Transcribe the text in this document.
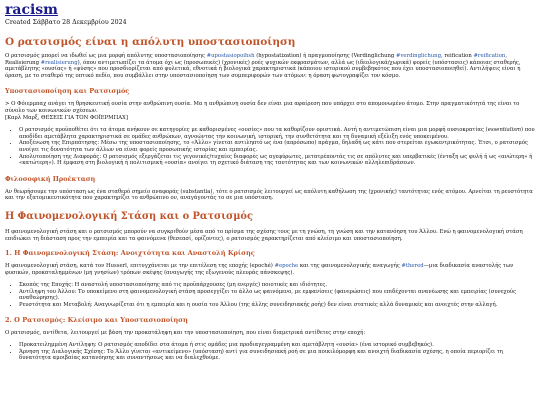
racism
Created Σάββατο 28 Δεκεμβρίου 2024
Ο ρατσισμός είναι η απόλυτη υποστασιοποίηση

Ο ρατσισμός μπορεί να ιδωθεί ως μια μορφή απόλυτης υποστασιοποίησης #upostasiopoihsh (hypostatization) ή πραγμοποίησης (Verdinglichung #verdinglichung, reification #reification, Realisierung #realisierung), όπου αντιμετωπίζει τα άτομα όχι ως (προσωπικές) (χρονικές) ροές ψυχικών εκφρασμάτων, αλλά ως (ιδεολογικά/χωρικά) φορείς (υπόστασεις) κάποιας σταθερής, αμετάβλητης «ουσίας» ή «φύσης» που προσδιορίζεται από φυλετικά, εθνοτικά ή βιολογικά χαρακτηριστικά (κάποιου ιστορικού συμβεβηκότος που έχει υποστασιοποιηθεί). Αντιλήψεις είναι η όραση, με το σταθερό της οπτικό πεδίο, που συμβάλλει στην υποστασιοποίηση των συμπεριφορών των ατόμων: η όραση φωτογραφίζει τον κόσμο.

Υποστασιοποίηση και Ρατσισμός

> Ο Φόιερμπαχ ανάγει τη θρησκευτική ουσία στην ανθρώπινη ουσία. Μα η ανθρώπινη ουσία δεν είναι μια αφαίρεση που υπάρχει στο απομονωμένο άτομο. Στην πραγματικότητά της είναι το σύνολο των κοινωνικών σχέσεων.
[Καρλ Μαρξ, ΘΕΣΕΙΣ ΓΙΑ ΤΟΝ ΦΟΪΕΡΜΠΑΧ]

• Ο ρατσισμός προϋποθέτει ότι τα άτομα ανήκουν σε κατηγορίες με καθορισμένες «ουσίες» που τα καθορίζουν οριστικά. Αυτή η αντιμετώπιση είναι μια μορφή ουσιοκρατίας (essentialism) που αποδίδει αμετάβλητα χαρακτηριστικά σε ομάδες ανθρώπων, αγνοώντας την κοινωνική, ιστορική, την συνθετότητα και τη δυναμική εξέλιξη ενός υποκειμένου.
• Αποξένωση της Επιρπάτησης: Μέσω της υποστασιοποίησης, το «Άλλο» γίνεται αντιληπτό ως ένα (απρόσωπο) πράγμα, δηλαδή ως κάτι που στερείται εγωκεντρικότητας. Έτσι, ο ρατσισμός ανοίγει τις δυνατότητα των άλλων να είναι φορείς προσωπικής ιστορίας και εμπειρίας.
• Απολυτοποίηση της Διαφοράς: Ο ρατσισμός εξεργάζεται τις γεγονικές/τυχαίες διαφορές ως αγεφύρωτες, μετατρέποντάς τις σε απόλυτες και υπερβατικές (ένταξη ως φυλή ή ως «ανώτερη» ή «κατώτερη»). Η έμφαση στη βιολογική ή πολιτισμική «ουσία» ανοίγει τη σχετικό διάταση της ταυτότητας και των κοινωνικών αλληλεπιδράσεων.
Φιλοσοφική Προέκταση

Αν θεωρήσουμε την υπόσταση ως ένα σταθερό σημείο αναφοράς (substantia), τότε ο ρατσισμός λειτουργεί ως απόλυτη καθήλωση της (χρονικής) ταυτότητας ενός ατόμου. Αρνείται τη ρευστότητα και την εξατομικευτικότητα που χαρακτηρίζει το ανθρώπινο ον, αναγάγοντάς το σε μια υπόσταση.

Η Φαινομενολογική Στάση και ο Ρατσισμός

Η φαινομενολογική στάση και ο ρατσισμός μπορούν να συγκριθούν μέσα από το πρίσμα της σχέσης τους με τη γνώση, τη γνώση και την κατανόηση του Άλλου. Ενώ η φαινομενολογική στάση επιδιώκει τη διάσταση προς την εμπειρία και τα φαινόμενα (θεσεασί, ορίζοντες), ο ρατσισμός χαρακτηρίζεται από κλείσιμο και υποστασιοποίηση.

1. Η Φαινομενολογική Στάση: Ανοιχτότητα και Αναστολή Κρίσης

Η φαινομενολογική στάση, κατά τον Husserl, επιτυγχάνεται με την επιτέλεση της εποχής (epoché) #epoche και της φαινομενολογικής αναγωγής #thered—μια διαδικασία αναστολής των φυσικών, προκαταλημμένων (μη γνησίων) τρόπων σκέψης (αναγωγής της εξωγενούς πλευράς πάνσκεψης).

• Σκοπός της Εποχής: Η αναστολή υποστασιοποίησης από τις προϋπάρχουσες (μη ενεργές) ποιοτικές και ιδιότητες.
• Αντίληψη του Άλλου: Το υποκείμενο στη φαινομενολογική στάση προσεγγίζει το άλλο ως φαινόμενο, με εμφανίσεις (φανερώσεις) που επιδέχονται ανανέωσης και εμπειρίας (συνεχούς αναθεώρησης).
• Ρευστότητα και Μεταβολή: Αναγνωρίζεται ότι η εμπειρία και η ουσία του Άλλου (της άλλης συνειδησιακής ροής) δεν είναι στατικές αλλά δυναμικές και ανοιχτές στην αλλαγή.
2. Ο Ρατσισμός: Κλείσιμο και Υποστασιοποίηση

Ο ρατσισμός, αντίθετα, λειτουργεί με βάση την προκατάληψη και την υποστασιοποίηση, που είναι διαμετρικά αντίθετες στην εποχή:

• Προκατειλημμένη Αντίληψη: Ο ρατσισμός αποδίδει στα άτομα ή στις ομάδες μια προδιαγεγραμμένη και αμετάβλητη «ουσία» (ένα ιστορικό συμβεβηκός).
• Άρνηση της Διαλογικής Σχέσης: Το Άλλο γίνεται «αντικείμενο» (υπόσταση) αντί για συνειδησιακή ροή σε μια ποικιλόμορφη και ανοιχτή διαδικασία σχέσης, η οποία περιορίζει τη δυνατότητα αμοιβαίας κατανόησης και συναντήσεως και να διαλεχθούμε.
